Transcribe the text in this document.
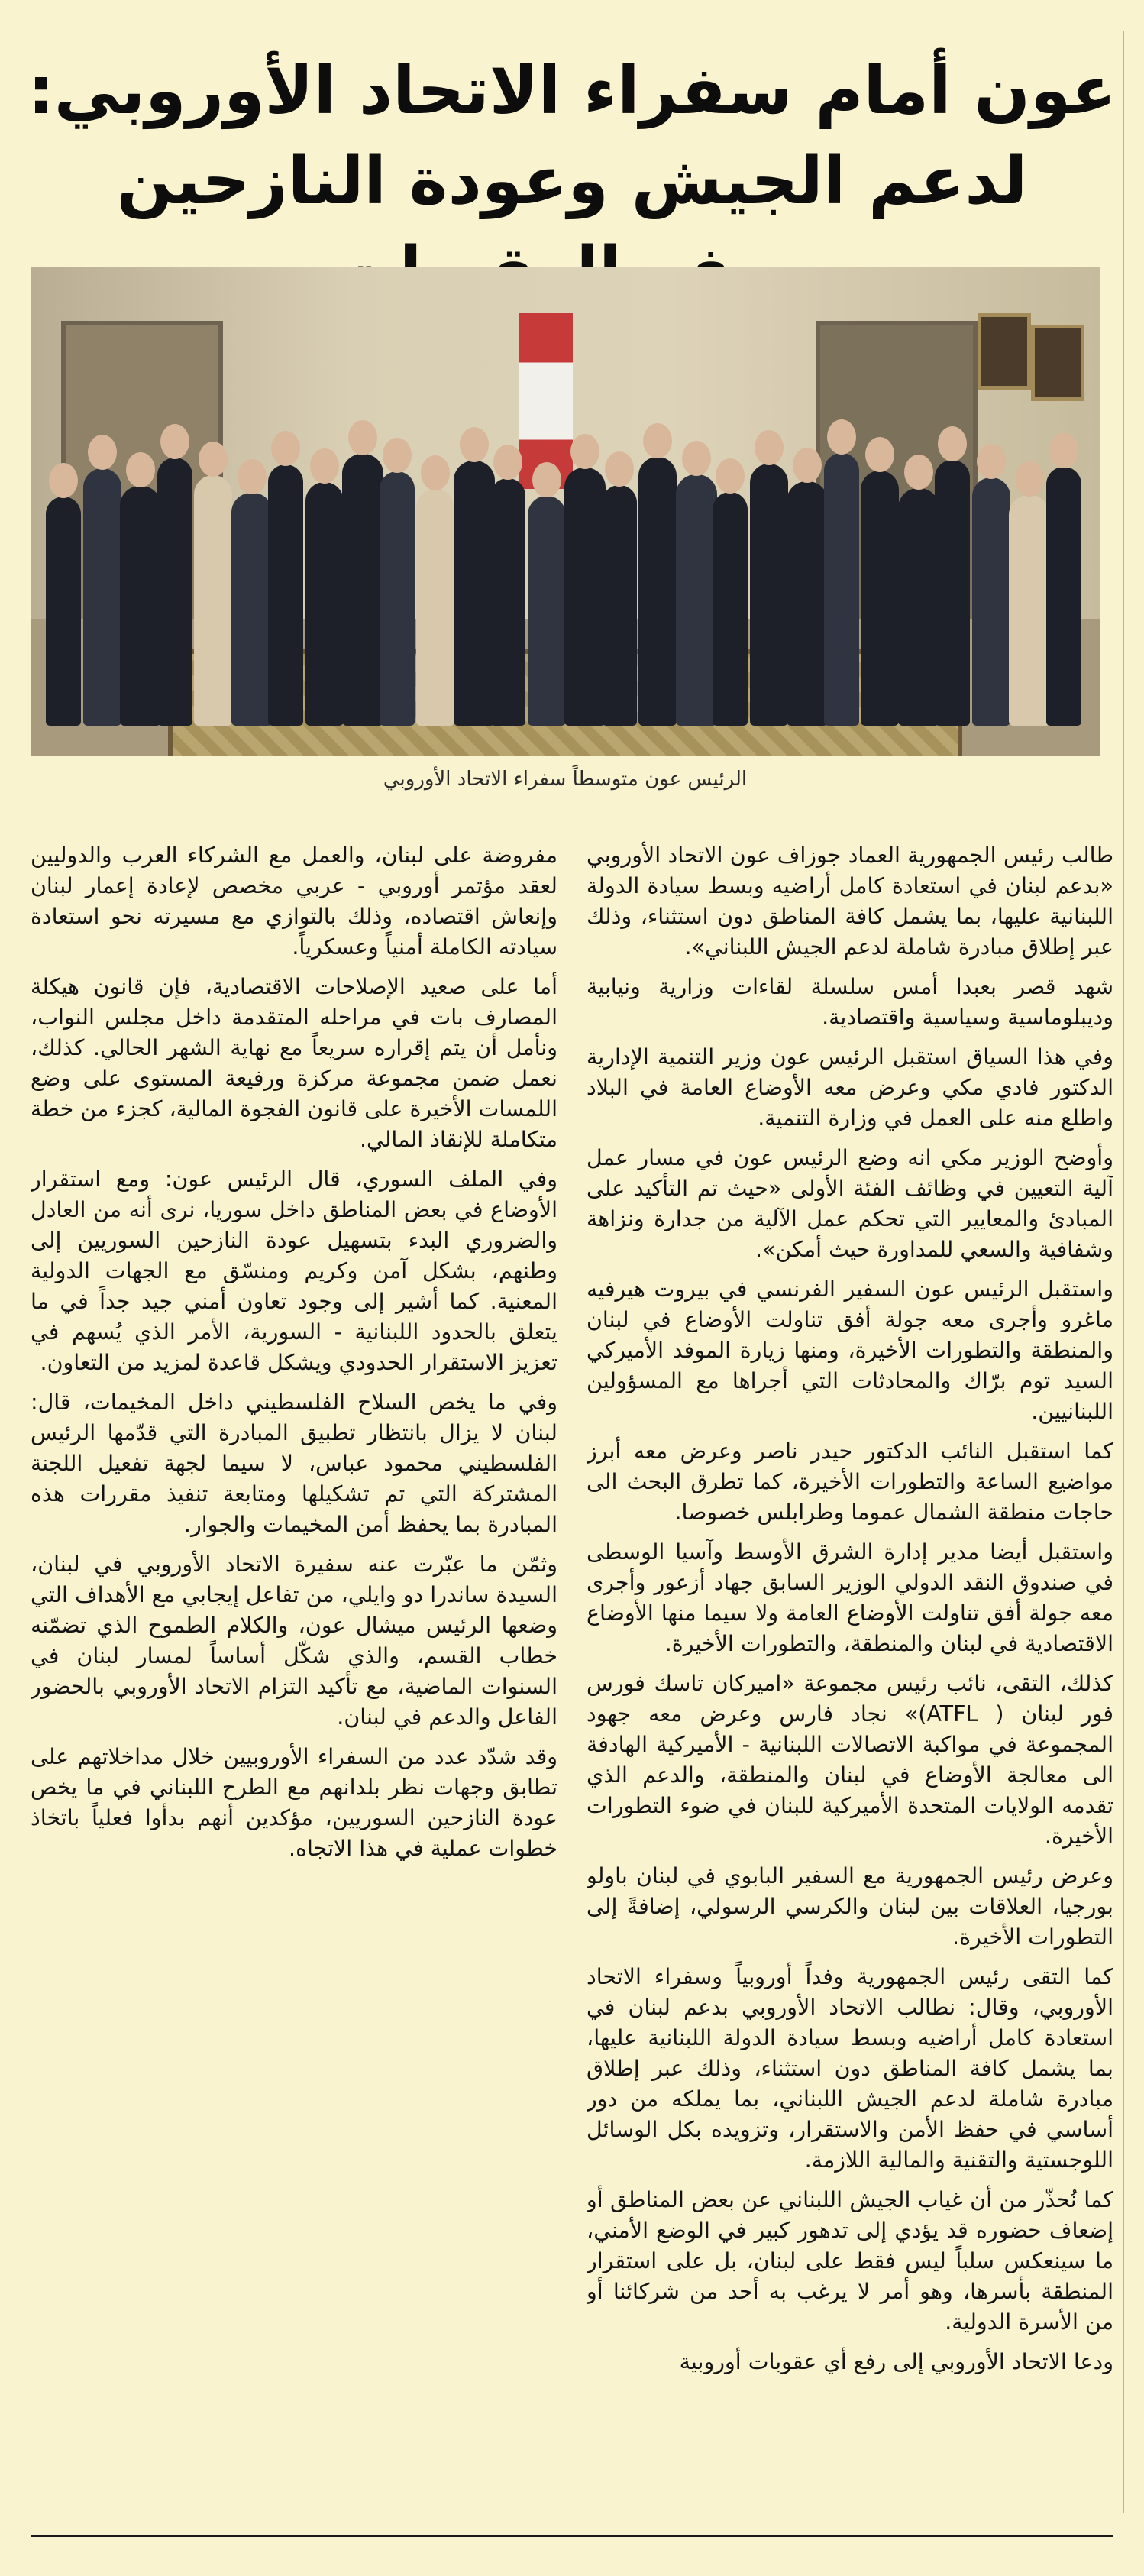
عون أمام سفراء الاتحاد الأوروبي:
لدعم الجيش وعودة النازحين
الرئيس عون متوسطاً سفراء الاتحاد الأوروبي

طالب رئيس الجمهورية العماد جوزاف عون الاتحاد الأوروبي «بدعم لبنان في استعادة كامل أراضيه وبسط سيادة الدولة اللبنانية عليها، بما يشمل كافة المناطق دون استثناء، وذلك عبر إطلاق مبادرة شاملة لدعم الجيش اللبناني».

شهد قصر بعبدا أمس سلسلة لقاءات وزارية ونيابية وديبلوماسية وسياسية واقتصادية.

وفي هذا السياق استقبل الرئيس عون وزير التنمية الإدارية الدكتور فادي مكي وعرض معه الأوضاع العامة في البلاد واطلع منه على العمل في وزارة التنمية.

وأوضح الوزير مكي انه وضع الرئيس عون في مسار عمل آلية التعيين في وظائف الفئة الأولى «حيث تم التأكيد على المبادئ والمعايير التي تحكم عمل الآلية من جدارة ونزاهة وشفافية والسعي للمداورة حيث أمكن».

واستقبل الرئيس عون السفير الفرنسي في بيروت هيرفيه ماغرو وأجرى معه جولة أفق تناولت الأوضاع في لبنان والمنطقة والتطورات الأخيرة، ومنها زيارة الموفد الأميركي السيد توم برّاك والمحادثات التي أجراها مع المسؤولين اللبنانيين.

كما استقبل النائب الدكتور حيدر ناصر وعرض معه أبرز مواضيع الساعة والتطورات الأخيرة، كما تطرق البحث الى حاجات منطقة الشمال عموما وطرابلس خصوصا.

واستقبل أيضا مدير إدارة الشرق الأوسط وآسيا الوسطى في صندوق النقد الدولي الوزير السابق جهاد أزعور وأجرى معه جولة أفق تناولت الأوضاع العامة ولا سيما منها الأوضاع الاقتصادية في لبنان والمنطقة، والتطورات الأخيرة.

كذلك، التقى، نائب رئيس مجموعة «اميركان تاسك فورس فور لبنان ( ATFL)» نجاد فارس وعرض معه جهود المجموعة في مواكبة الاتصالات اللبنانية - الأميركية الهادفة الى معالجة الأوضاع في لبنان والمنطقة، والدعم الذي تقدمه الولايات المتحدة الأميركية للبنان في ضوء التطورات الأخيرة.

وعرض رئيس الجمهورية مع السفير البابوي في لبنان باولو بورجيا، العلاقات بين لبنان والكرسي الرسولي، إضافةً إلى التطورات الأخيرة.

كما التقى رئيس الجمهورية وفداً أوروبياً وسفراء الاتحاد الأوروبي، وقال: نطالب الاتحاد الأوروبي بدعم لبنان في استعادة كامل أراضيه وبسط سيادة الدولة اللبنانية عليها، بما يشمل كافة المناطق دون استثناء، وذلك عبر إطلاق مبادرة شاملة لدعم الجيش اللبناني، بما يملكه من دور أساسي في حفظ الأمن والاستقرار، وتزويده بكل الوسائل اللوجستية والتقنية والمالية اللازمة.

كما نُحذّر من أن غياب الجيش اللبناني عن بعض المناطق أو إضعاف حضوره قد يؤدي إلى تدهور كبير في الوضع الأمني، ما سينعكس سلباً ليس فقط على لبنان، بل على استقرار المنطقة بأسرها، وهو أمر لا يرغب به أحد من شركائنا أو من الأسرة الدولية.

ودعا الاتحاد الأوروبي إلى رفع أي عقوبات أوروبية

مفروضة على لبنان، والعمل مع الشركاء العرب والدوليين لعقد مؤتمر أوروبي - عربي مخصص لإعادة إعمار لبنان وإنعاش اقتصاده، وذلك بالتوازي مع مسيرته نحو استعادة سيادته الكاملة أمنياً وعسكرياً.

أما على صعيد الإصلاحات الاقتصادية، فإن قانون هيكلة المصارف بات في مراحله المتقدمة داخل مجلس النواب، ونأمل أن يتم إقراره سريعاً مع نهاية الشهر الحالي. كذلك، نعمل ضمن مجموعة مركزة ورفيعة المستوى على وضع اللمسات الأخيرة على قانون الفجوة المالية، كجزء من خطة متكاملة للإنقاذ المالي.

وفي الملف السوري، قال الرئيس عون: ومع استقرار الأوضاع في بعض المناطق داخل سوريا، نرى أنه من العادل والضروري البدء بتسهيل عودة النازحين السوريين إلى وطنهم، بشكل آمن وكريم ومنسّق مع الجهات الدولية المعنية. كما أشير إلى وجود تعاون أمني جيد جداً في ما يتعلق بالحدود اللبنانية - السورية، الأمر الذي يُسهم في تعزيز الاستقرار الحدودي ويشكل قاعدة لمزيد من التعاون.

وفي ما يخص السلاح الفلسطيني داخل المخيمات، قال: لبنان لا يزال بانتظار تطبيق المبادرة التي قدّمها الرئيس الفلسطيني محمود عباس، لا سيما لجهة تفعيل اللجنة المشتركة التي تم تشكيلها ومتابعة تنفيذ مقررات هذه المبادرة بما يحفظ أمن المخيمات والجوار.

وثمّن ما عبّرت عنه سفيرة الاتحاد الأوروبي في لبنان، السيدة ساندرا دو وايلي، من تفاعل إيجابي مع الأهداف التي وضعها الرئيس ميشال عون، والكلام الطموح الذي تضمّنه خطاب القسم، والذي شكّل أساساً لمسار لبنان في السنوات الماضية، مع تأكيد التزام الاتحاد الأوروبي بالحضور الفاعل والدعم في لبنان.

وقد شدّد عدد من السفراء الأوروبيين خلال مداخلاتهم على تطابق وجهات نظر بلدانهم مع الطرح اللبناني في ما يخص عودة النازحين السوريين، مؤكدين أنهم بدأوا فعلياً باتخاذ خطوات عملية في هذا الاتجاه.
